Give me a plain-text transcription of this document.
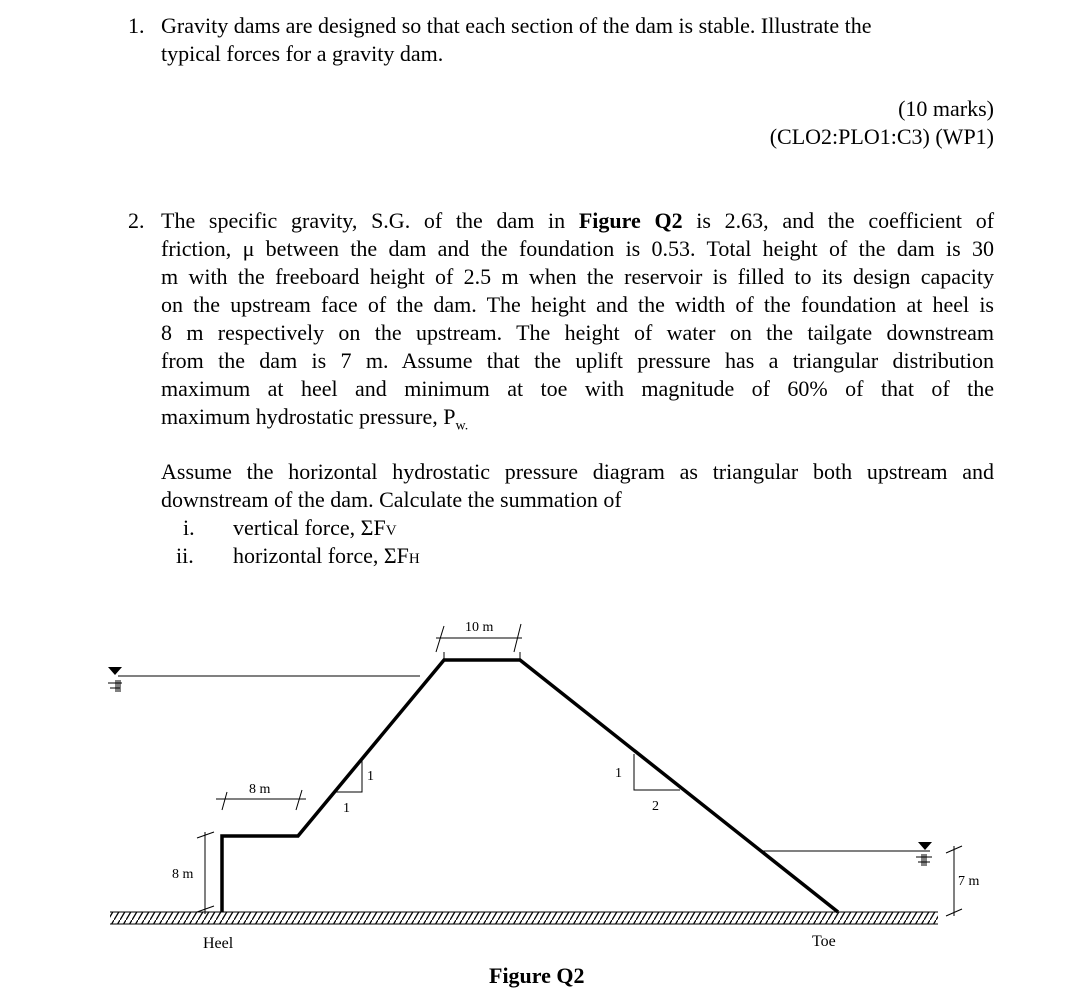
1. Gravity dams are designed so that each section of the dam is stable. Illustrate the
typical forces for a gravity dam.
(10 marks)
(CLO2:PLO1:C3) (WP1)
2. The specific gravity, S.G. of the dam in Figure Q2 is 2.63, and the coefficient of
friction, μ between the dam and the foundation is 0.53. Total height of the dam is 30
m with the freeboard height of 2.5 m when the reservoir is filled to its design capacity
on the upstream face of the dam. The height and the width of the foundation at heel is
8 m respectively on the upstream. The height of water on the tailgate downstream
from the dam is 7 m. Assume that the uplift pressure has a triangular distribution
maximum at heel and minimum at toe with magnitude of 60% of that of the
maximum hydrostatic pressure, $P_{w.}$
Assume the horizontal hydrostatic pressure diagram as triangular both upstream and
downstream of the dam. Calculate the summation of
i. vertical force, ΣFV
ii. horizontal force, ΣFH
10 m
8 m
8 m	7 m
1
1
1
2
Heel	Toe
Figure Q2
